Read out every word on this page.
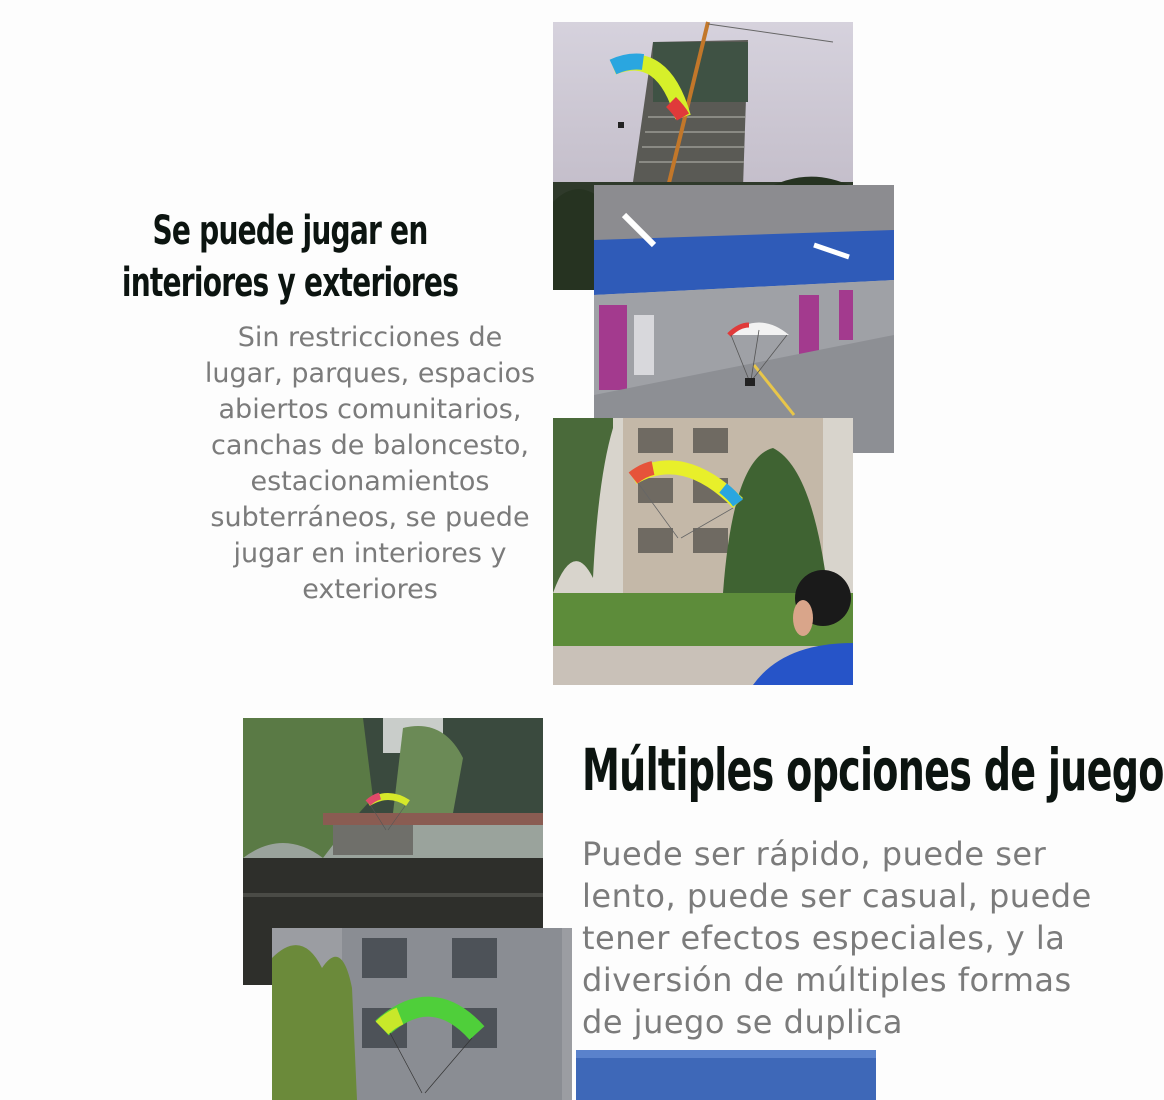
Se puede jugar en interiores y exteriores

Sin restricciones de lugar, parques, espacios abiertos comunitarios, canchas de baloncesto, estacionamientos subterráneos, se puede jugar en interiores y exteriores

Múltiples opciones de juego

Puede ser rápido, puede ser lento, puede ser casual, puede tener efectos especiales, y la diversión de múltiples formas de juego se duplica
